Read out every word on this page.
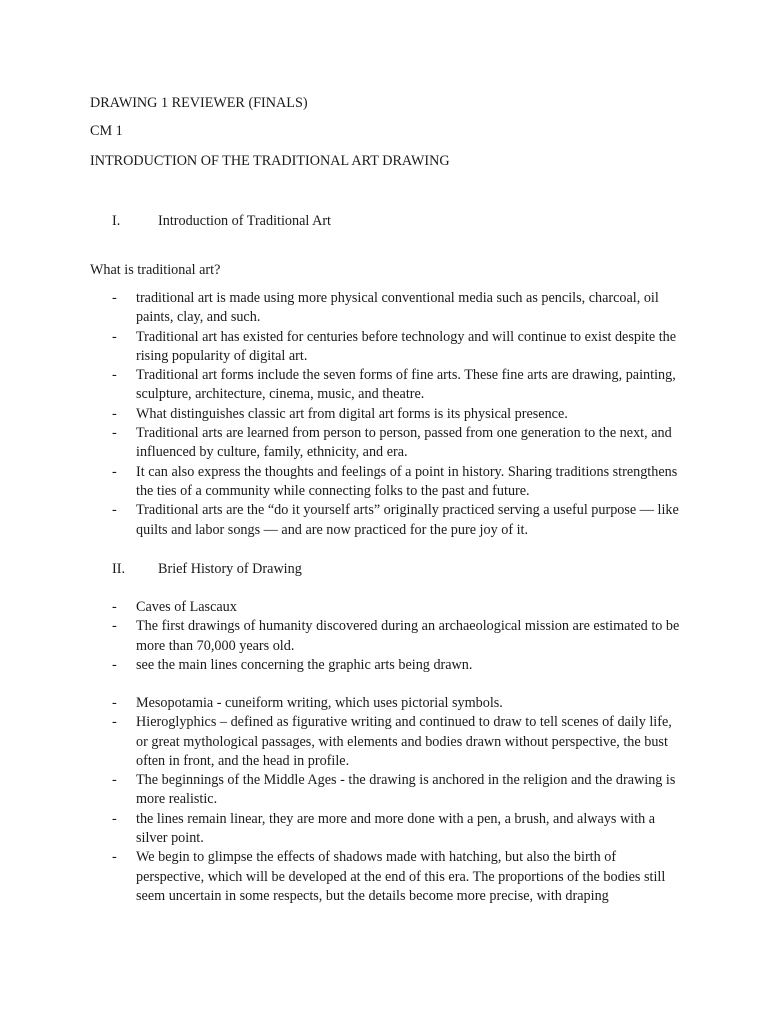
DRAWING 1 REVIEWER (FINALS)
CM 1
INTRODUCTION OF THE TRADITIONAL ART DRAWING
I.	Introduction of Traditional Art
What is traditional art?
- traditional art is made using more physical conventional media such as pencils, charcoal, oil paints, clay, and such.
- Traditional art has existed for centuries before technology and will continue to exist despite the rising popularity of digital art.
- Traditional art forms include the seven forms of fine arts. These fine arts are drawing, painting, sculpture, architecture, cinema, music, and theatre.
- What distinguishes classic art from digital art forms is its physical presence.
- Traditional arts are learned from person to person, passed from one generation to the next, and influenced by culture, family, ethnicity, and era.
- It can also express the thoughts and feelings of a point in history. Sharing traditions strengthens the ties of a community while connecting folks to the past and future.
- Traditional arts are the “do it yourself arts” originally practiced serving a useful purpose — like quilts and labor songs — and are now practiced for the pure joy of it.
II. Brief History of Drawing
- Caves of Lascaux
- The first drawings of humanity discovered during an archaeological mission are estimated to be more than 70,000 years old.
- see the main lines concerning the graphic arts being drawn.
- Mesopotamia - cuneiform writing, which uses pictorial symbols.
- Hieroglyphics – defined as figurative writing and continued to draw to tell scenes of daily life, or great mythological passages, with elements and bodies drawn without perspective, the bust often in front, and the head in profile.
- The beginnings of the Middle Ages - the drawing is anchored in the religion and the drawing is more realistic.
- the lines remain linear, they are more and more done with a pen, a brush, and always with a silver point.
- We begin to glimpse the effects of shadows made with hatching, but also the birth of perspective, which will be developed at the end of this era. The proportions of the bodies still seem uncertain in some respects, but the details become more precise, with draping
